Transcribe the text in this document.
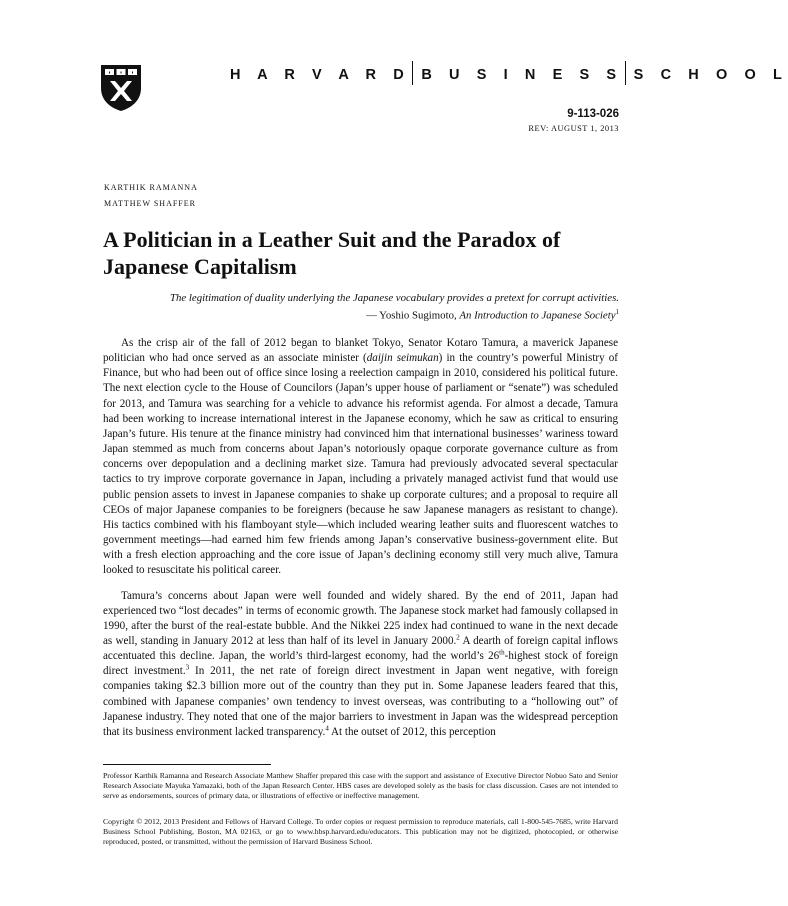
H A R V A R D B U S I N E S S S C H O O L
9-113-026
REV: AUGUST 1, 2013
KARTHIK RAMANNA
MATTHEW SHAFFER
A Politician in a Leather Suit and the Paradox of Japanese Capitalism
The legitimation of duality underlying the Japanese vocabulary provides a pretext for corrupt activities.
— Yoshio Sugimoto, An Introduction to Japanese Society$^1$

As the crisp air of the fall of 2012 began to blanket Tokyo, Senator Kotaro Tamura, a maverick Japanese politician who had once served as an associate minister (daijin seimukan) in the country’s powerful Ministry of Finance, but who had been out of office since losing a reelection campaign in 2010, considered his political future. The next election cycle to the House of Councilors (Japan’s upper house of parliament or “senate”) was scheduled for 2013, and Tamura was searching for a vehicle to advance his reformist agenda. For almost a decade, Tamura had been working to increase international interest in the Japanese economy, which he saw as critical to ensuring Japan’s future. His tenure at the finance ministry had convinced him that international businesses’ wariness toward Japan stemmed as much from concerns about Japan’s notoriously opaque corporate governance culture as from concerns over depopulation and a declining market size. Tamura had previously advocated several spectacular tactics to try improve corporate governance in Japan, including a privately managed activist fund that would use public pension assets to invest in Japanese companies to shake up corporate cultures; and a proposal to require all CEOs of major Japanese companies to be foreigners (because he saw Japanese managers as resistant to change). His tactics combined with his flamboyant style—which included wearing leather suits and fluorescent watches to government meetings—had earned him few friends among Japan’s conservative business-government elite. But with a fresh election approaching and the core issue of Japan’s declining economy still very much alive, Tamura looked to resuscitate his political career.

Tamura’s concerns about Japan were well founded and widely shared. By the end of 2011, Japan had experienced two “lost decades” in terms of economic growth. The Japanese stock market had famously collapsed in 1990, after the burst of the real-estate bubble. And the Nikkei 225 index had continued to wane in the next decade as well, standing in January 2012 at less than half of its level in January 2000.$^2$ A dearth of foreign capital inflows accentuated this decline. Japan, the world’s third-largest economy, had the world’s 26th-highest stock of foreign direct investment.$^3$ In 2011, the net rate of foreign direct investment in Japan went negative, with foreign companies taking $2.3 billion more out of the country than they put in. Some Japanese leaders feared that this, combined with Japanese companies’ own tendency to invest overseas, was contributing to a “hollowing out” of Japanese industry. They noted that one of the major barriers to investment in Japan was the widespread perception that its business environment lacked transparency.$^4$ At the outset of 2012, this perception

Professor Karthik Ramanna and Research Associate Matthew Shaffer prepared this case with the support and assistance of Executive Director Nobuo Sato and Senior Research Associate Mayuka Yamazaki, both of the Japan Research Center. HBS cases are developed solely as the basis for class discussion. Cases are not intended to serve as endorsements, sources of primary data, or illustrations of effective or ineffective management.

Copyright © 2012, 2013 President and Fellows of Harvard College. To order copies or request permission to reproduce materials, call 1-800-545-7685, write Harvard Business School Publishing, Boston, MA 02163, or go to www.hbsp.harvard.edu/educators. This publication may not be digitized, photocopied, or otherwise reproduced, posted, or transmitted, without the permission of Harvard Business School.
